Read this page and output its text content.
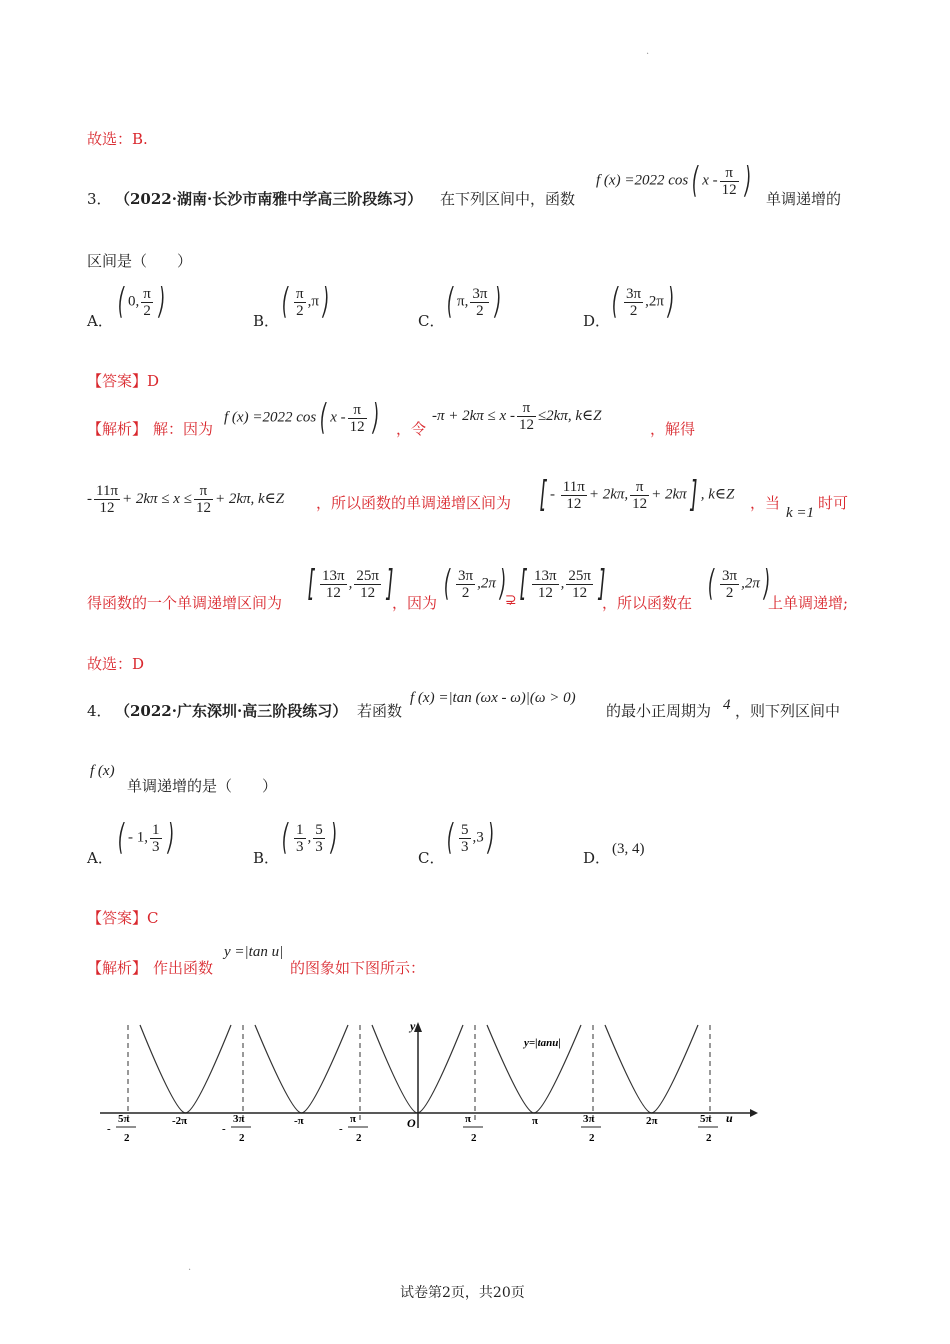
.
.
故选：B.
3． （2022·湖南·长沙市南雅中学高三阶段练习） 在下列区间中，函数
f (x) =2022 cos ( x - $\frac{\pi}{12}$ ) 单调递增的
区间是（　　）
A． ( 0, $\frac{\pi}{2}$ )	B． ( $\frac{\pi}{2} ,\pi$ )	C． ( π, $\frac{3\pi}{2}$ )	D． ( $\frac{3\pi}{2} ,2\pi$ )
【答案】D
【解析】 解：因为
f (x) =2022 cos ( x - $\frac{\pi}{12}$ ) ，令
$-\pi + 2k\pi \le x - \frac{\pi}{12} \le 2k\pi$, k∈Z
，解得
- $\frac{11\pi}{12} + 2k\pi \le x \le \frac{\pi}{12} + 2k\pi$, k∈Z ，所以函数的单调递增区间为 [ - $\frac{11\pi}{12} + 2k\pi$, $\frac{\pi}{12} + 2k\pi$] , k∈Z ，当
k =1
时可
得函数的一个单调递增区间为 [ $\frac{13\pi}{12}$ , $\frac{25\pi}{12}$ ]
，因为 ( $\frac{3\pi}{2} ,2\pi$ )
⊋ [ $\frac{13\pi}{12}$ , $\frac{25\pi}{12}$ ]
，所以函数在 ( $\frac{3\pi}{2} ,2\pi$ )
上单调递增;
故选：D
4． （2022·广东深圳·高三阶段练习） 若函数
f (x) =|tan (ωx - ω)|(ω > 0)
的最小正周期为 4 ，则下列区间中
f (x)
单调递增的是（　　）
A． ( - 1, $\frac{1}{3}$ )	B． ( $\frac{1}{3}$ , $\frac{5}{3}$ )	C． ( $\frac{5}{3} ,3$ )	D． (3, 4)
【答案】C
【解析】 作出函数
y =|tan u|
的图象如下图所示：
y
u
O
y=|tanu|
-2π	-π	π	2π
5π
2
-
3π
2
-
π
2
-
π
2
3π
2
5π
2
试卷第2页，共20页
